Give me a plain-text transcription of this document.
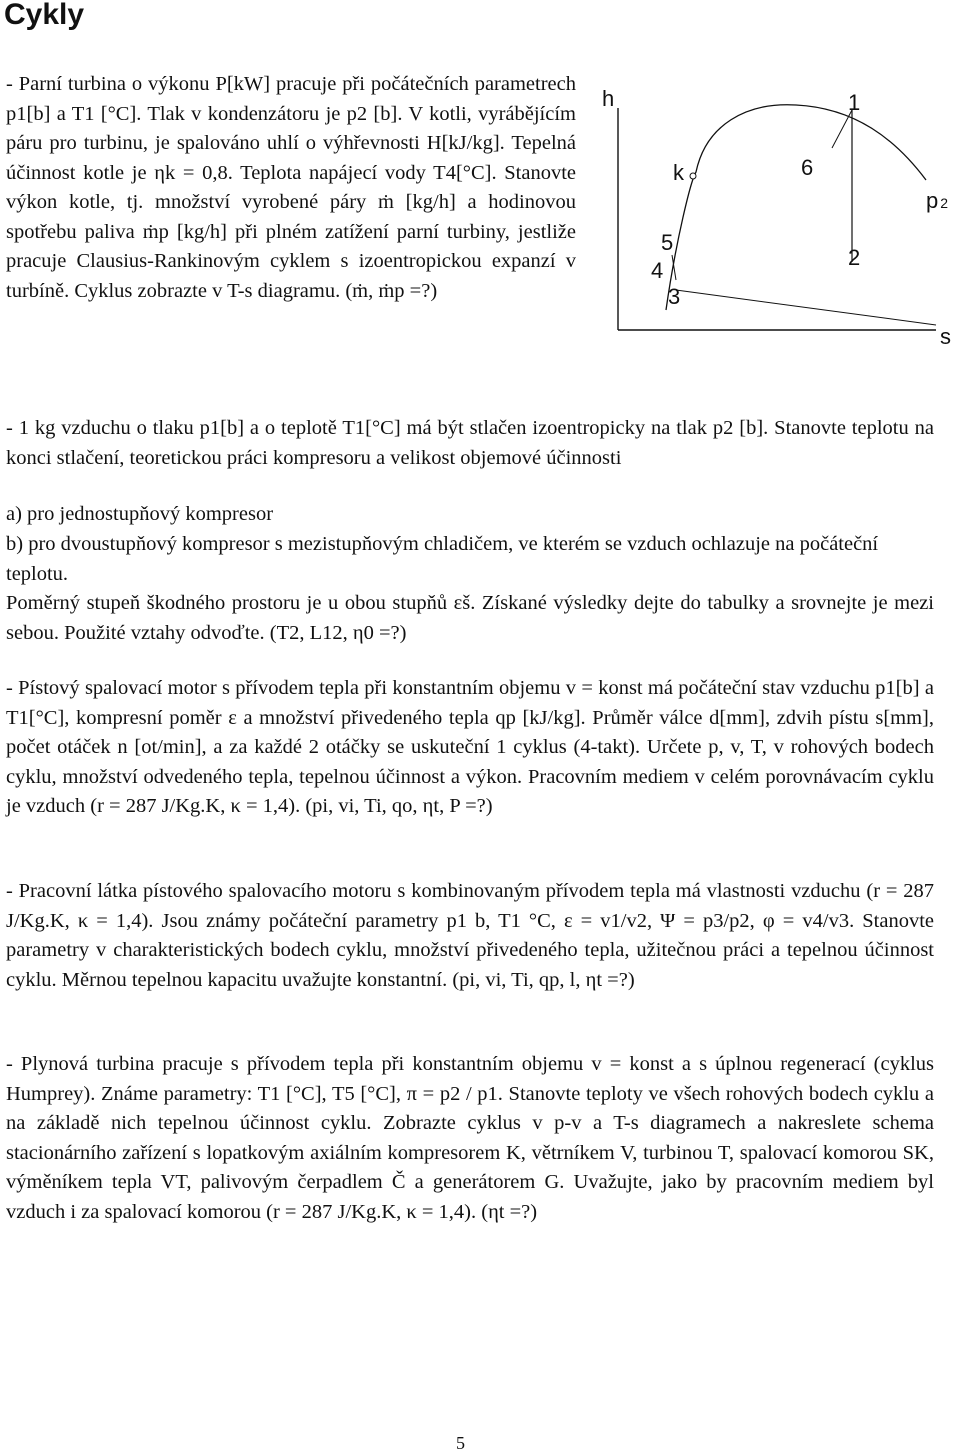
Cykly

- Parní turbina o výkonu P[kW] pracuje při počátečních parametrech p1[b] a T1 [°C]. Tlak v kondenzátoru je p2 [b]. V kotli, vyrábějícím páru pro turbinu, je spalováno uhlí o výhřevnosti H[kJ/kg]. Tepelná účinnost kotle je ηk = 0,8. Teplota napájecí vody T4[°C]. Stanovte výkon kotle, tj. množství vyrobené páry ṁ [kg/h] a hodinovou spotřebu paliva ṁp [kg/h] při plném zatížení parní turbiny, jestliže pracuje Clausius-Rankinovým cyklem s izoentropickou expanzí v turbíně. Cyklus zobrazte v T-s diagramu. (ṁ, ṁp =?)

h
s
1
6
k
5
4
3
2
p 2

- 1 kg vzduchu o tlaku p1[b] a o teplotě T1[°C] má být stlačen izoentropicky na tlak p2 [b]. Stanovte teplotu na konci stlačení, teoretickou práci kompresoru a velikost objemové účinnosti

a) pro jednostupňový kompresor
b) pro dvoustupňový kompresor s mezistupňovým chladičem, ve kterém se vzduch ochlazuje na počáteční teplotu.
Poměrný stupeň škodného prostoru je u obou stupňů εš. Získané výsledky dejte do tabulky a srovnejte je mezi sebou. Použité vztahy odvoďte. (T2, L12, η0 =?)

- Pístový spalovací motor s přívodem tepla při konstantním objemu v = konst má počáteční stav vzduchu p1[b] a T1[°C], kompresní poměr ε a množství přivedeného tepla qp [kJ/kg]. Průměr válce d[mm], zdvih pístu s[mm], počet otáček n [ot/min], a za každé 2 otáčky se uskuteční 1 cyklus (4-takt). Určete p, v, T, v rohových bodech cyklu, množství odvedeného tepla, tepelnou účinnost a výkon. Pracovním mediem v celém porovnávacím cyklu je vzduch (r = 287 J/Kg.K, κ = 1,4). (pi, vi, Ti, qo, ηt, P =?)

- Pracovní látka pístového spalovacího motoru s kombinovaným přívodem tepla má vlastnosti vzduchu (r = 287 J/Kg.K, κ = 1,4). Jsou známy počáteční parametry p1 b, T1 °C, ε = v1/v2, Ψ = p3/p2, φ = v4/v3. Stanovte parametry v charakteristických bodech cyklu, množství přivedeného tepla, užitečnou práci a tepelnou účinnost cyklu. Měrnou tepelnou kapacitu uvažujte konstantní. (pi, vi, Ti, qp, l, ηt =?)

- Plynová turbina pracuje s přívodem tepla při konstantním objemu v = konst a s úplnou regenerací (cyklus Humprey). Známe parametry: T1 [°C], T5 [°C], π = p2 / p1. Stanovte teploty ve všech rohových bodech cyklu a na základě nich tepelnou účinnost cyklu. Zobrazte cyklus v p-v a T-s diagramech a nakreslete schema stacionárního zařízení s lopatkovým axiálním kompresorem K, větrníkem V, turbinou T, spalovací komorou SK, výměníkem tepla VT, palivovým čerpadlem Č a generátorem G. Uvažujte, jako by pracovním mediem byl vzduch i za spalovací komorou (r = 287 J/Kg.K, κ = 1,4). (ηt =?)

5
